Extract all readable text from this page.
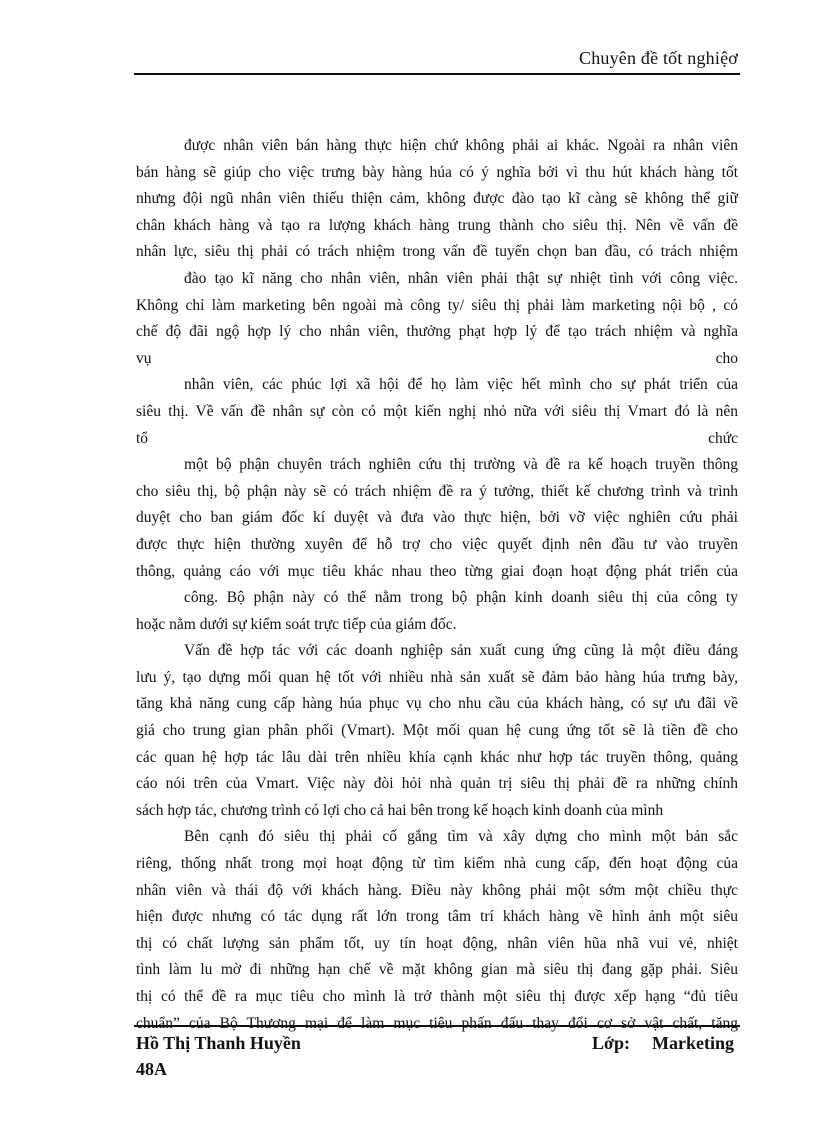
Chuyên đề tốt nghiệơ
được nhân viên bán hàng thực hiện chứ không phải ai khác. Ngoài ra nhân viên
bán hàng sẽ giúp cho việc trưng bày hàng húa có ý nghĩa bởi vì thu hút khách hàng tốt
nhưng đội ngũ nhân viên thiếu thiện cảm, không được đào tạo kĩ càng sẽ không thể giữ
chân khách hàng và tạo ra lượng khách hàng trung thành cho siêu thị. Nên về vấn đề
nhân lực, siêu thị phải có trách nhiệm trong vấn đề tuyển chọn ban đầu, có trách nhiệm
đào tạo kĩ năng cho nhân viên, nhân viên phải thật sự nhiệt tình với công việc.
Không chỉ làm marketing bên ngoài mà công ty/ siêu thị phải làm marketing nội bộ , có
chế độ đãi ngộ hợp lý cho nhân viên, thưởng phạt hợp lý để tạo trách nhiệm và nghĩa
vụ cho
nhân viên, các phúc lợi xã hội để họ làm việc hết mình cho sự phát triển của
siêu thị. Về vấn đề nhân sự còn có một kiến nghị nhỏ nữa với siêu thị Vmart đó là nên
tổ chức
một bộ phận chuyên trách nghiên cứu thị trường và đề ra kế hoạch truyền thông
cho siêu thị, bộ phận này sẽ có trách nhiệm đề ra ý tưởng, thiết kế chương trình và trình
duyệt cho ban giám đốc kí duyệt và đưa vào thực hiện, bởi vỡ việc nghiên cứu phải
được thực hiện thường xuyên để hỗ trợ cho việc quyết định nên đầu tư vào truyền
thông, quảng cáo với mục tiêu khác nhau theo từng giai đoạn hoạt động phát triển của
công. Bộ phận này có thể nằm trong bộ phận kinh doanh siêu thị của công ty
hoặc nằm dưới sự kiểm soát trực tiếp của giám đốc.
Vấn đề hợp tác với các doanh nghiệp sản xuất cung ứng cũng là một điều đáng
lưu ý, tạo dựng mối quan hệ tốt với nhiều nhà sản xuất sẽ đảm bảo hàng húa trưng bày,
tăng khả năng cung cấp hàng húa phục vụ cho nhu cầu của khách hàng, có sự ưu đãi về
giá cho trung gian phân phối (Vmart). Một mối quan hệ cung ứng tốt sẽ là tiền đề cho
các quan hệ hợp tác lâu dài trên nhiều khía cạnh khác như hợp tác truyền thông, quảng
cáo nói trên của Vmart. Việc này đòi hỏi nhà quản trị siêu thị phải đề ra những chính
sách hợp tác, chương trình có lợi cho cả hai bên trong kế hoạch kinh doanh của mình
Bên cạnh đó siêu thị phải cố gắng tìm và xây dựng cho mình một bản sắc
riêng, thống nhất trong mọi hoạt động từ tìm kiếm nhà cung cấp, đến hoạt động của
nhân viên và thái độ với khách hàng. Điều này không phải một sớm một chiều thực
hiện được nhưng có tác dụng rất lớn trong tâm trí khách hàng về hình ảnh một siêu
thị có chất lượng sản phẩm tốt, uy tín hoạt động, nhân viên hũa nhã vui vẻ, nhiệt
tình làm lu mờ đi những hạn chế về mặt không gian mà siêu thị đang gặp phải. Siêu
thị có thể đề ra mục tiêu cho mình là trở thành một siêu thị được xếp hạng “đủ tiêu
chuẩn” của Bộ Thương mại để làm mục tiêu phấn đấu thay đổi cơ sở vật chất, tăng
Hồ Thị Thanh Huyền
48A
Lớp: Marketing
